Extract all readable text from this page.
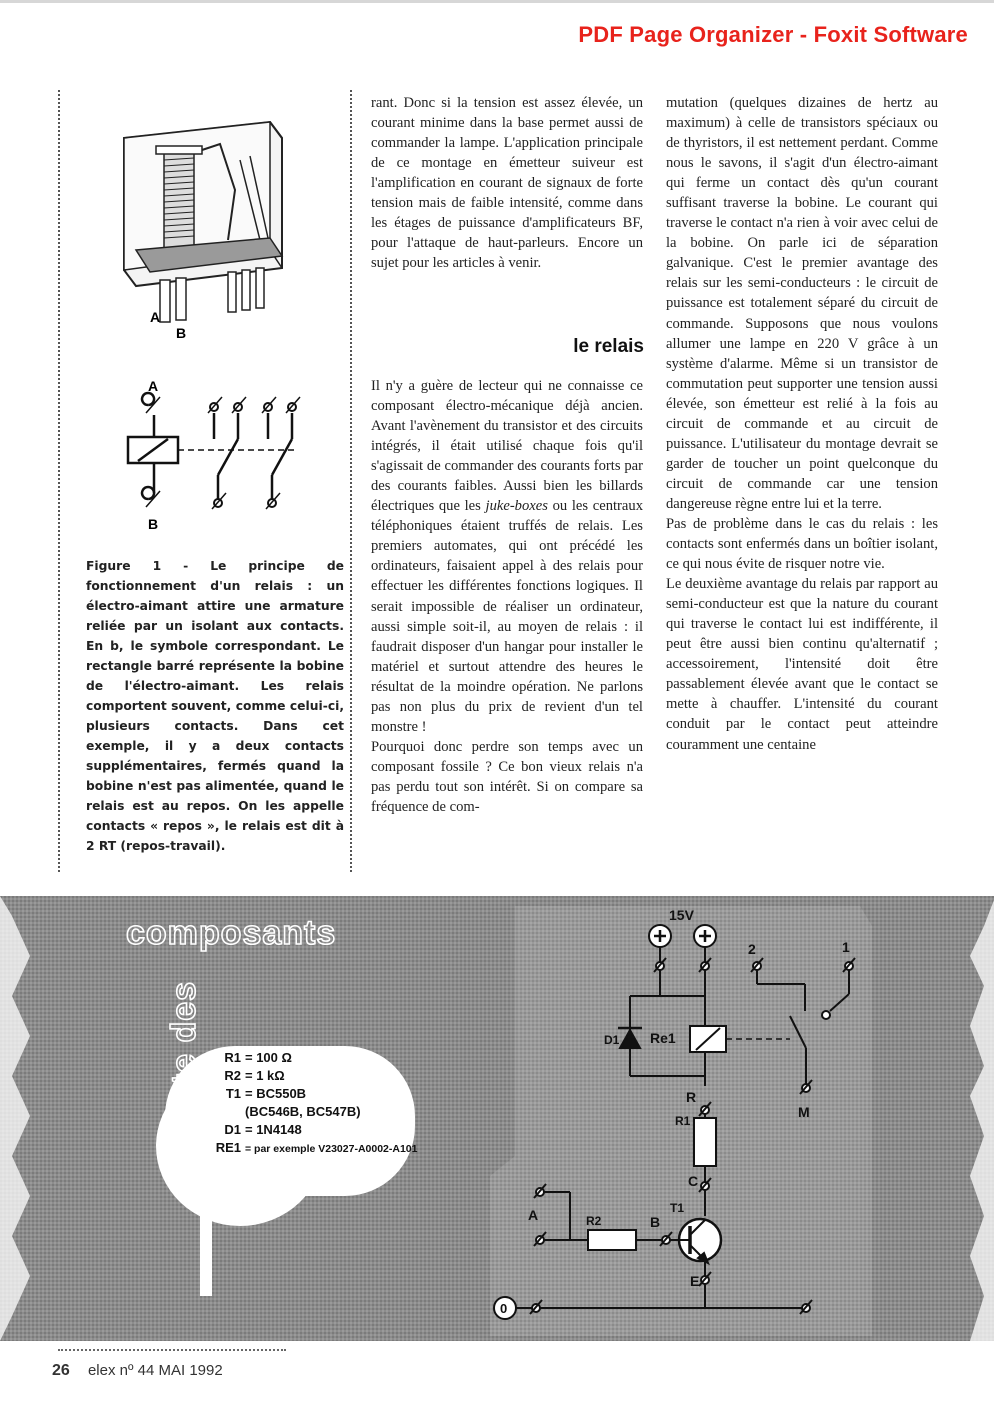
PDF Page Organizer - Foxit Software
A
B
A
B
Figure 1 - Le principe de fonctionnement d'un relais : un électro-aimant attire une armature reliée par un isolant aux contacts. En b, le symbole correspondant. Le rectangle barré représente la bobine de l'électro-aimant. Les relais comportent souvent, comme celui-ci, plusieurs contacts. Dans cet exemple, il y a deux contacts supplémentaires, fermés quand la bobine n'est pas alimentée, quand le relais est au repos. On les appelle contacts « repos », le relais est dit à 2 RT (repos-travail).

rant. Donc si la tension est assez élevée, un courant minime dans la base permet aussi de commander la lampe. L'application principale de ce montage en émetteur suiveur est l'amplification en courant de signaux de forte tension mais de faible intensité, comme dans les étages de puissance d'amplificateurs BF, pour l'attaque de haut-parleurs. Encore un sujet pour les articles à venir.

le relais

Il n'y a guère de lecteur qui ne connaisse ce composant électro-mécanique déjà ancien. Avant l'avènement du transistor et des circuits intégrés, il était utilisé chaque fois qu'il s'agissait de commander des courants forts par des courants faibles. Aussi bien les billards électriques que les juke-boxes ou les centraux téléphoniques étaient truffés de relais. Les premiers automates, qui ont précédé les ordinateurs, faisaient appel à des relais pour effectuer les différentes fonctions logiques. Il serait impossible de réaliser un ordinateur, aussi simple soit-il, au moyen de relais : il faudrait disposer d'un hangar pour installer le matériel et surtout attendre des heures le résultat de la moindre opération. Ne parlons pas non plus du prix de revient d'un tel monstre !

Pourquoi donc perdre son temps avec un composant fossile ? Ce bon vieux relais n'a pas perdu tout son intérêt. Si on compare sa fréquence de com-

mutation (quelques dizaines de hertz au maximum) à celle de transistors spéciaux ou de thyristors, il est nettement perdant. Comme nous le savons, il s'agit d'un électro-aimant qui ferme un contact dès qu'un courant suffisant traverse la bobine. Le courant qui traverse le contact n'a rien à voir avec celui de la bobine. On parle ici de séparation galvanique. C'est le premier avantage des relais sur les semi-conducteurs : le circuit de puissance est totalement séparé du circuit de commande. Supposons que nous voulons allumer une lampe en 220 V grâce à un système d'alarme. Même si un transistor de commutation peut supporter une tension aussi élevée, son émetteur est relié à la fois au circuit de commande et au circuit de puissance. L'utilisateur du montage devrait se garder de toucher un point quelconque du circuit de commande car une tension dangereuse règne entre lui et la terre.

Pas de problème dans le cas du relais : les contacts sont enfermés dans un boîtier isolant, ce qui nous évite de risquer notre vie.

Le deuxième avantage du relais par rapport au semi-conducteur est que la nature du courant qui traverse le contact lui est indifférente, il peut être aussi bien continu qu'alternatif ; accessoirement, l'intensité doit être passablement élevée avant que le contact se mette à chauffer. L'intensité du courant conduit par le contact peut atteindre couramment une centaine

composants
liste des
15V
2	1
D1 Re1
R
R1
M
C
A	R2	B
T1
E
0
R1 = 100 Ω
R2 = 1 kΩ
T1 = BC550B
(BC546B, BC547B)
D1 = 1N4148
RE1 = par exemple V23027-A0002-A101
26 elex nº 44 MAI 1992
